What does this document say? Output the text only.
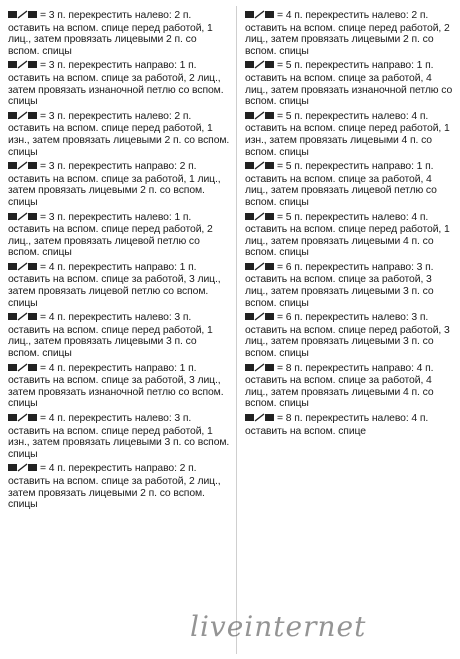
= 3 п. перекрестить налево: 2 п. оставить на вспом. спице перед работой, 1 лиц., затем провязать лицевыми 2 п. со вспом. спицы
= 3 п. перекрестить направо: 1 п. оставить на вспом. спице за работой, 2 лиц., затем провязать изнаночной петлю со вспом. спицы
= 3 п. перекрестить налево: 2 п. оставить на вспом. спице перед работой, 1 изн., затем провязать лицевыми 2 п. со вспом. спицы
= 3 п. перекрестить направо: 2 п. оставить на вспом. спице за работой, 1 лиц., затем провязать лицевыми 2 п. со вспом. спицы
= 3 п. перекрестить налево: 1 п. оставить на вспом. спице перед работой, 2 лиц., затем провязать лицевой петлю со вспом. спицы
= 4 п. перекрестить направо: 1 п. оставить на вспом. спице за работой, 3 лиц., затем провязать лицевой петлю со вспом. спицы
= 4 п. перекрестить налево: 3 п. оставить на вспом. спице перед работой, 1 лиц., затем провязать лицевыми 3 п. со вспом. спицы
= 4 п. перекрестить направо: 1 п. оставить на вспом. спице за работой, 3 лиц., затем провязать изнаночной петлю со вспом. спицы
= 4 п. перекрестить налево: 3 п. оставить на вспом. спице перед работой, 1 изн., затем провязать лицевыми 3 п. со вспом. спицы
= 4 п. перекрестить направо: 2 п. оставить на вспом. спице за работой, 2 лиц., затем провязать лицевыми 2 п. со вспом. спицы
= 4 п. перекрестить налево: 2 п. оставить на вспом. спице перед работой, 2 лиц., затем провязать лицевыми 2 п. со вспом. спицы
= 5 п. перекрестить направо: 1 п. оставить на вспом. спице за работой, 4 лиц., затем провязать изнаночной петлю со вспом. спицы
= 5 п. перекрестить налево: 4 п. оставить на вспом. спице перед работой, 1 изн., затем провязать лицевыми 4 п. со вспом. спицы
= 5 п. перекрестить направо: 1 п. оставить на вспом. спице за работой, 4 лиц., затем провязать лицевой петлю со вспом. спицы
= 5 п. перекрестить налево: 4 п. оставить на вспом. спице перед работой, 1 лиц., затем провязать лицевыми 4 п. со вспом. спицы
= 6 п. перекрестить направо: 3 п. оставить на вспом. спице за работой, 3 лиц., затем провязать лицевыми 3 п. со вспом. спицы
= 6 п. перекрестить налево: 3 п. оставить на вспом. спице перед работой, 3 лиц., затем провязать лицевыми 3 п. со вспом. спицы
= 8 п. перекрестить направо: 4 п. оставить на вспом. спице за работой, 4 лиц., затем провязать лицевыми 4 п. со вспом. спицы
= 8 п. перекрестить налево: 4 п. оставить на вспом. спице
liveinternet
